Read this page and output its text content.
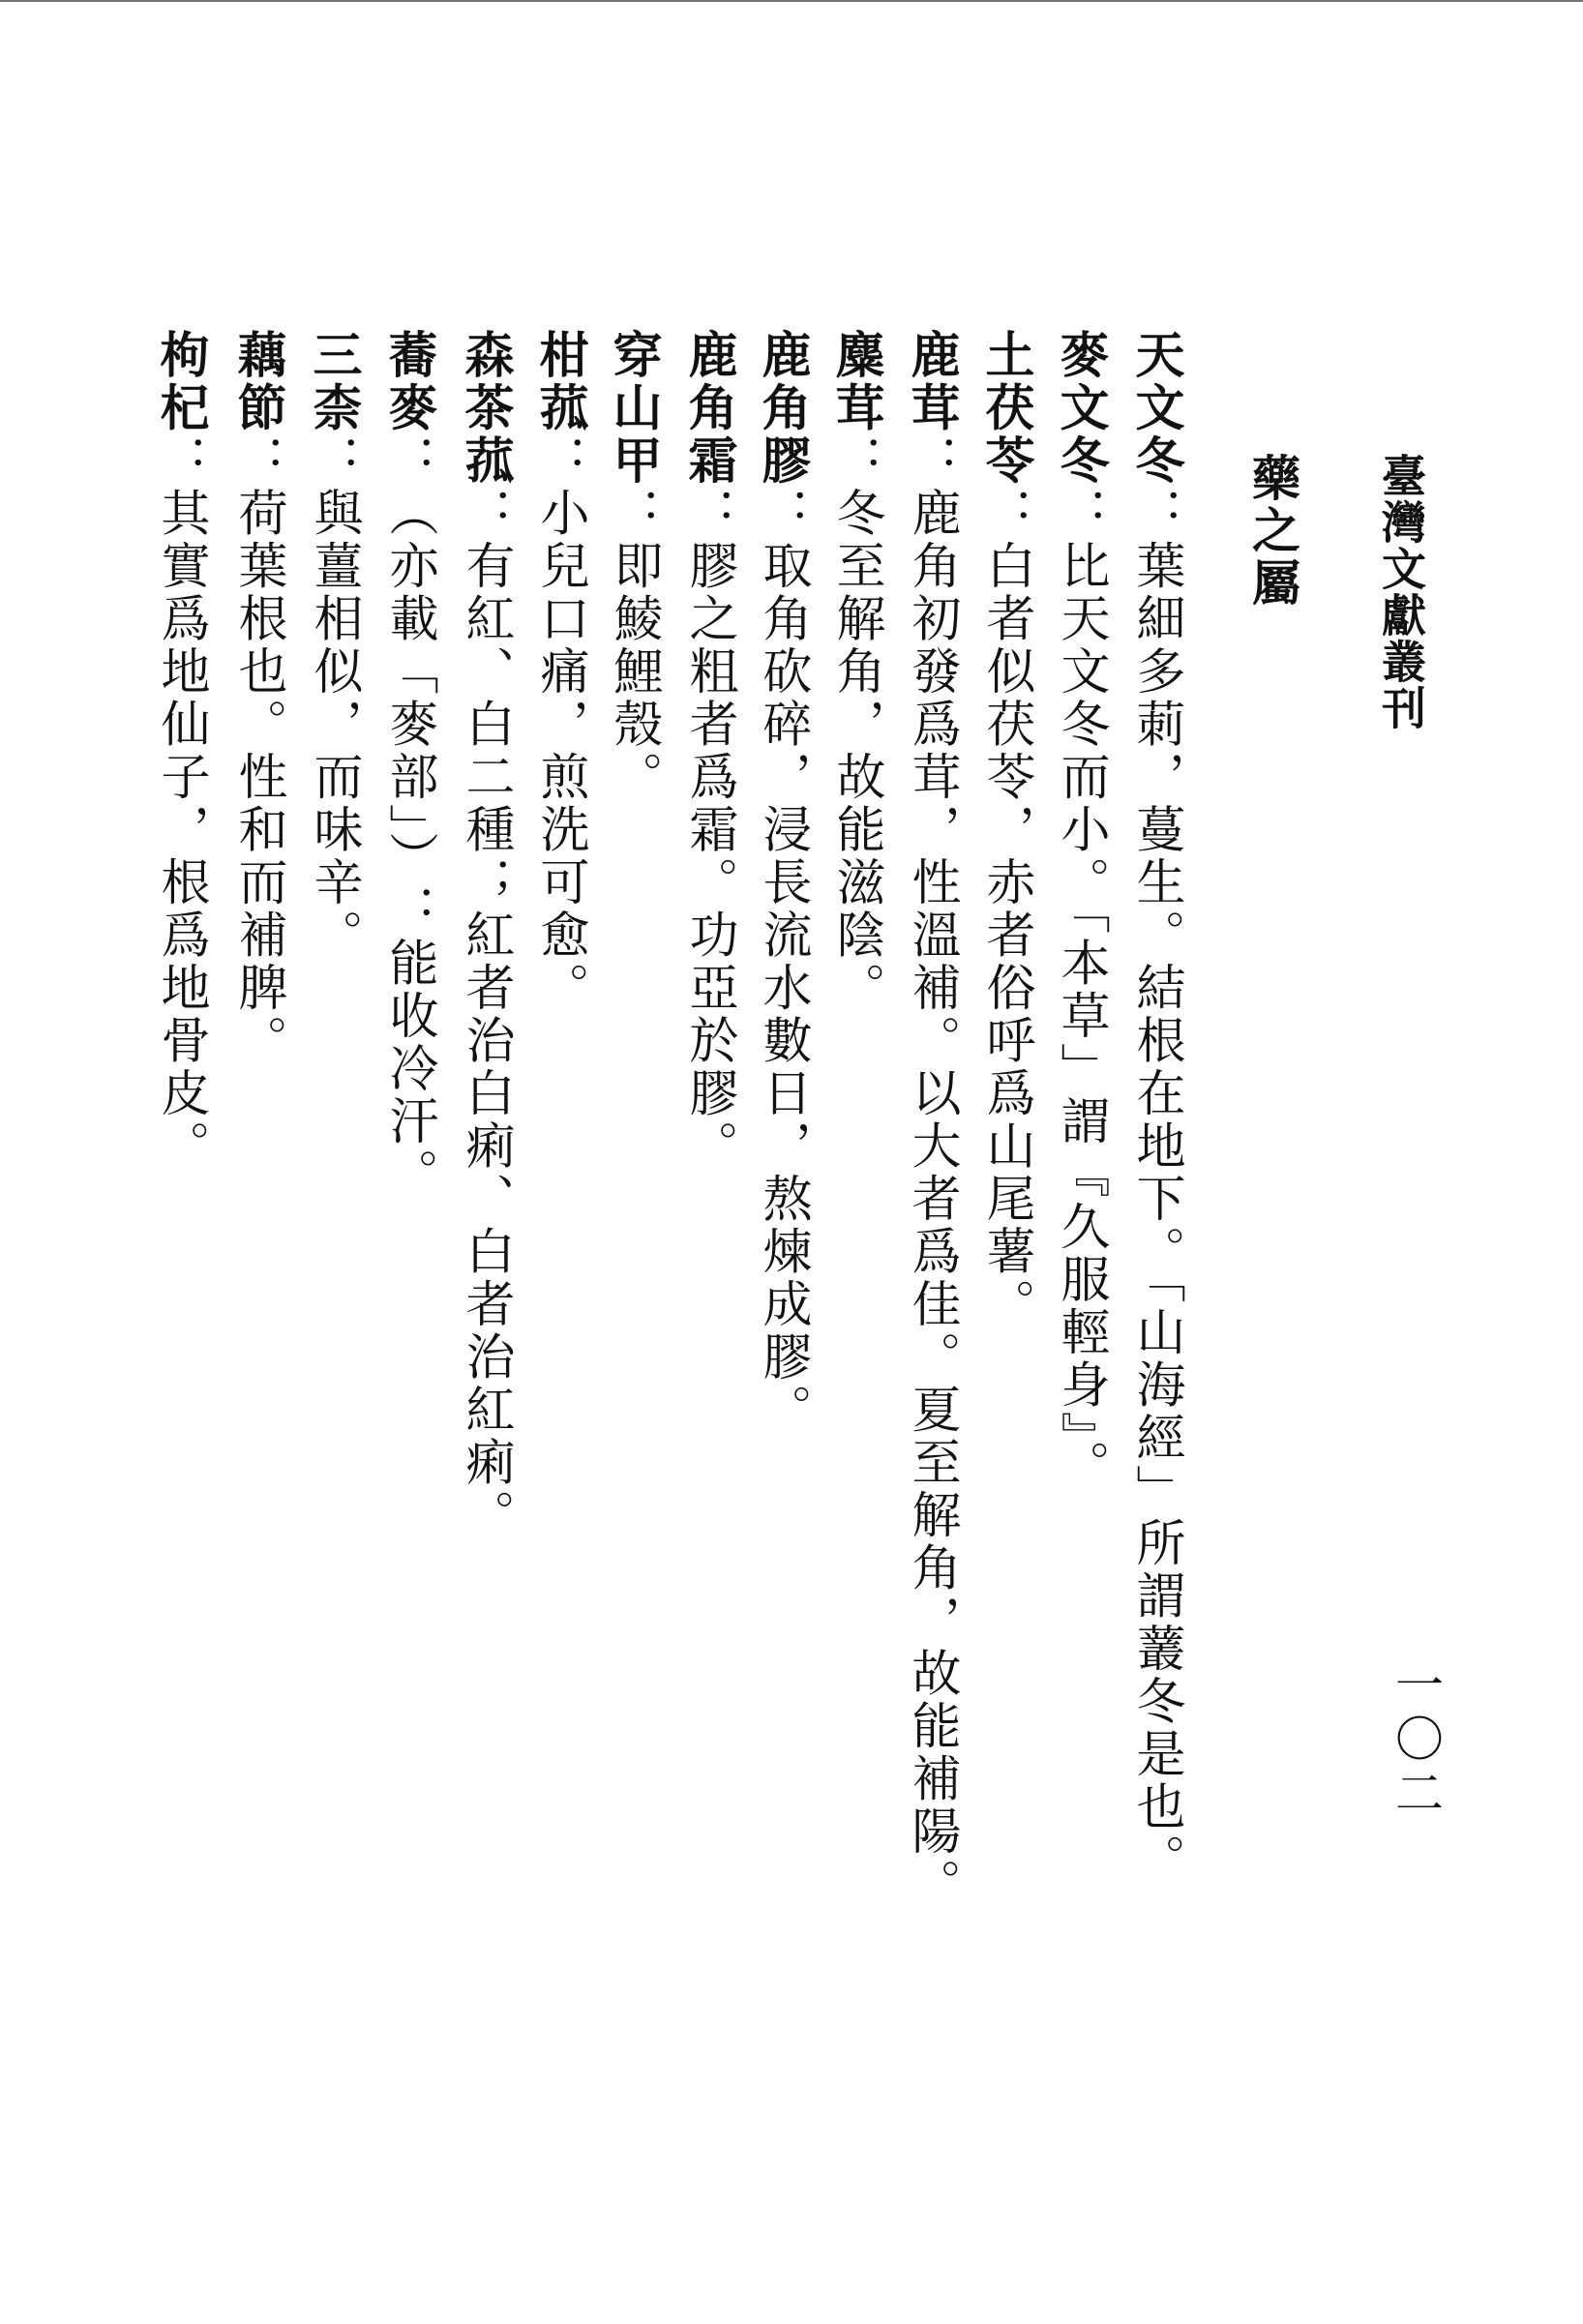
臺灣文獻叢刊
一〇二
藥之屬
天文冬：葉細多莿，蔓生。結根在地下。「山海經」所謂䕺冬是也。
麥文冬：比天文冬而小。「本草」謂『久服輕身』。
土茯苓：白者似茯苓，赤者俗呼爲山尾薯。
鹿茸：鹿角初發爲茸，性溫補。以大者爲佳。夏至解角，故能補陽。
麋茸：冬至解角，故能滋陰。
鹿角膠：取角砍碎，浸長流水數日，熬煉成膠。
鹿角霜：膠之粗者爲霜。功亞於膠。
穿山甲：即鯪鯉殼。
柑菰：小兒口痛，煎洗可愈。
森茶菰：有紅、白二種；紅者治白痢、白者治紅痢。
蕎麥：（亦載「麥部」）：能收冷汗。
三柰：與薑相似，而味辛。
藕節：荷葉根也。性和而補脾。
枸杞：其實爲地仙子，根爲地骨皮。
